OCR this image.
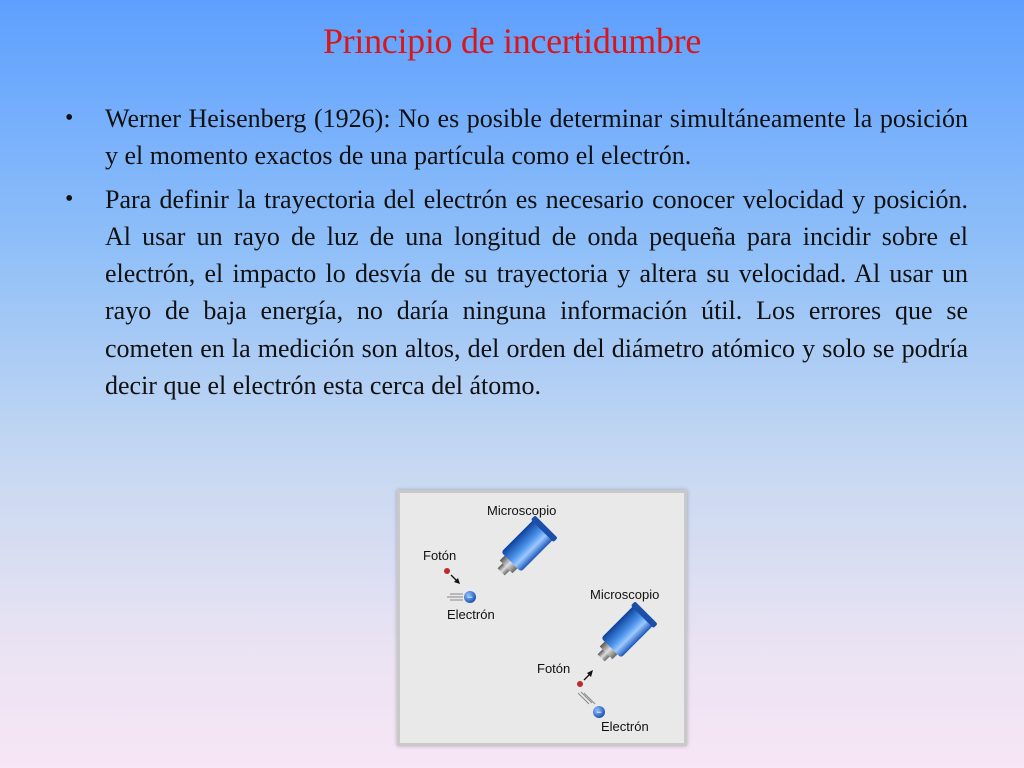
Principio de incertidumbre
• Werner Heisenberg (1926): No es posible determinar simultáneamente la posición y el momento exactos de una partícula como el electrón.
• Para definir la trayectoria del electrón es necesario conocer velocidad y posición. Al usar un rayo de luz de una longitud de onda pequeña para incidir sobre el electrón, el impacto lo desvía de su trayectoria y altera su velocidad. Al usar un rayo de baja energía, no daría ninguna información útil. Los errores que se cometen en la medición son altos, del orden del diámetro atómico y solo se podría decir que el electrón esta cerca del átomo.
Microscopio
Fotón
−
Electrón
Microscopio
Fotón
−
Electrón
